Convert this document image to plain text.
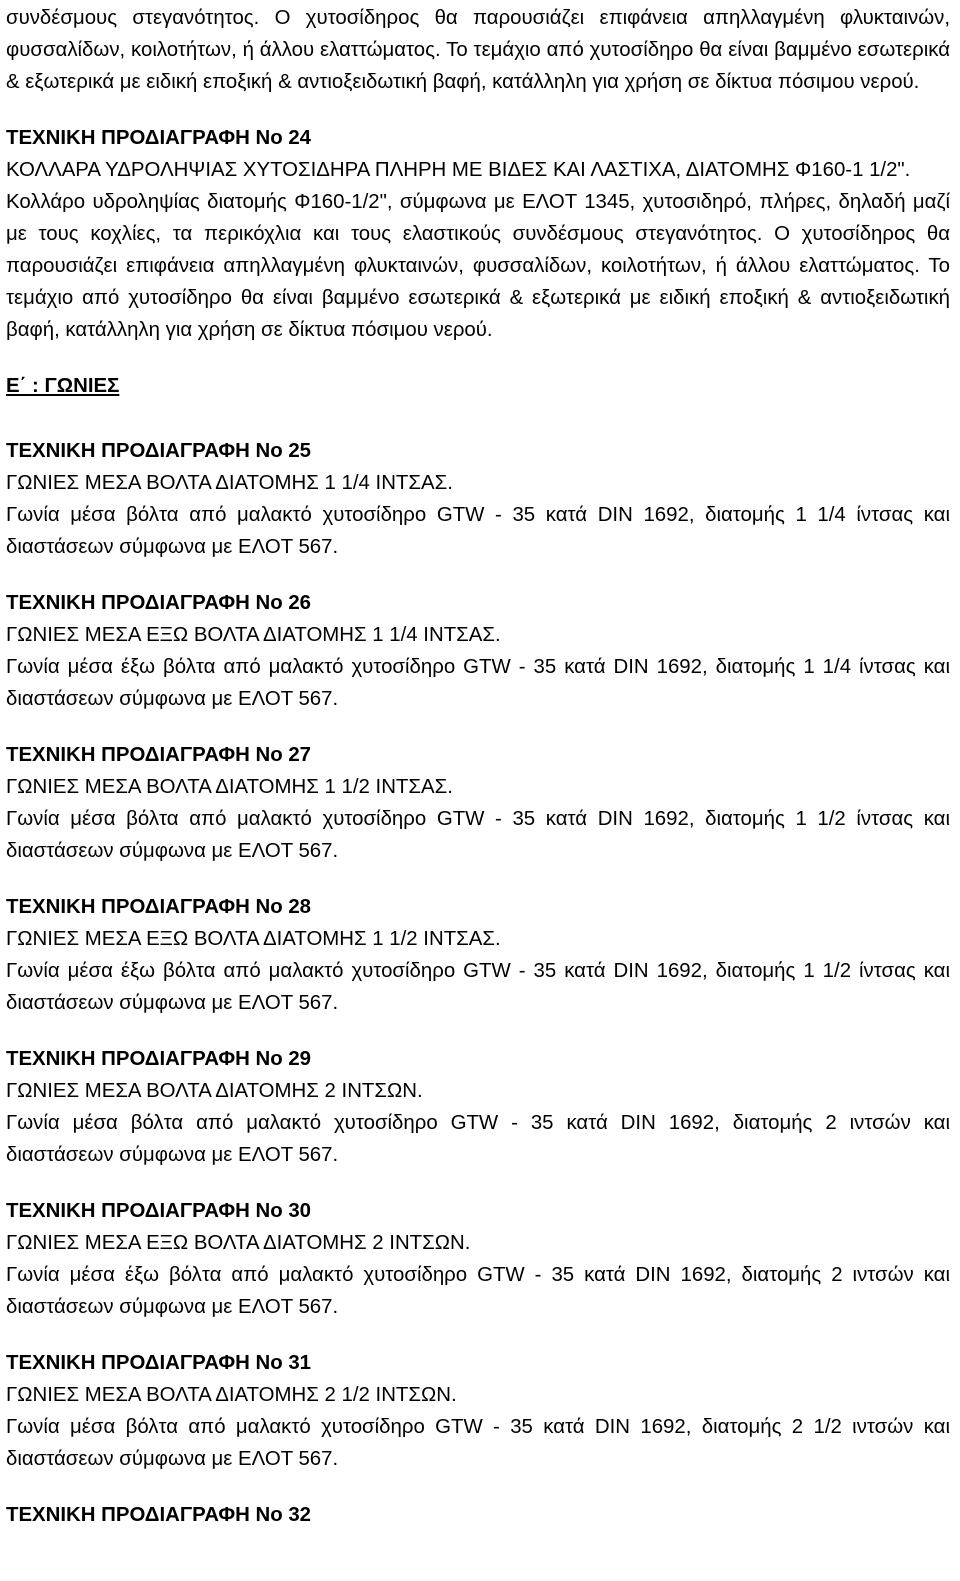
συνδέσμους στεγανότητος. Ο χυτοσίδηρος θα παρουσιάζει επιφάνεια απηλλαγμένη φλυκταινών, φυσσαλίδων, κοιλοτήτων, ή άλλου ελαττώματος. Το τεμάχιο από χυτοσίδηρο θα είναι βαμμένο εσωτερικά & εξωτερικά με ειδική εποξική & αντιοξειδωτική βαφή, κατάλληλη για χρήση σε δίκτυα πόσιμου νερού.

ΤΕΧΝΙΚΗ ΠΡΟΔΙΑΓΡΑΦΗ Νο 24

ΚΟΛΛΑΡΑ ΥΔΡΟΛΗΨΙΑΣ ΧΥΤΟΣΙΔΗΡΑ ΠΛΗΡΗ ΜΕ ΒΙΔΕΣ ΚΑΙ ΛΑΣΤΙΧΑ, ΔΙΑΤΟΜΗΣ Φ160-1 1/2".

Κολλάρο υδροληψίας διατομής Φ160-1/2", σύμφωνα με ΕΛΟΤ 1345, χυτοσιδηρό, πλήρες, δηλαδή μαζί με τους κοχλίες, τα περικόχλια και τους ελαστικούς συνδέσμους στεγανότητος. Ο χυτοσίδηρος θα παρουσιάζει επιφάνεια απηλλαγμένη φλυκταινών, φυσσαλίδων, κοιλοτήτων, ή άλλου ελαττώματος. Το τεμάχιο από χυτοσίδηρο θα είναι βαμμένο εσωτερικά & εξωτερικά με ειδική εποξική & αντιοξειδωτική βαφή, κατάλληλη για χρήση σε δίκτυα πόσιμου νερού.

Ε΄ : ΓΩΝΙΕΣ

ΤΕΧΝΙΚΗ ΠΡΟΔΙΑΓΡΑΦΗ Νο 25

ΓΩΝΙΕΣ ΜΕΣΑ ΒΟΛΤΑ ΔΙΑΤΟΜΗΣ 1 1/4 ΙΝΤΣΑΣ.

Γωνία μέσα βόλτα από μαλακτό χυτοσίδηρο GTW - 35 κατά DIN 1692, διατομής 1 1/4 ίντσας και διαστάσεων σύμφωνα με ΕΛΟΤ 567.

ΤΕΧΝΙΚΗ ΠΡΟΔΙΑΓΡΑΦΗ Νο 26

ΓΩΝΙΕΣ ΜΕΣΑ ΕΞΩ ΒΟΛΤΑ ΔΙΑΤΟΜΗΣ 1 1/4 ΙΝΤΣΑΣ.

Γωνία μέσα έξω βόλτα από μαλακτό χυτοσίδηρο GTW - 35 κατά DIN 1692, διατομής 1 1/4 ίντσας και διαστάσεων σύμφωνα με ΕΛΟΤ 567.

ΤΕΧΝΙΚΗ ΠΡΟΔΙΑΓΡΑΦΗ Νο 27

ΓΩΝΙΕΣ ΜΕΣΑ ΒΟΛΤΑ ΔΙΑΤΟΜΗΣ 1 1/2 ΙΝΤΣΑΣ.

Γωνία μέσα βόλτα από μαλακτό χυτοσίδηρο GTW - 35 κατά DIN 1692, διατομής 1 1/2 ίντσας και διαστάσεων σύμφωνα με ΕΛΟΤ 567.

ΤΕΧΝΙΚΗ ΠΡΟΔΙΑΓΡΑΦΗ Νο 28

ΓΩΝΙΕΣ ΜΕΣΑ ΕΞΩ ΒΟΛΤΑ ΔΙΑΤΟΜΗΣ 1 1/2 ΙΝΤΣΑΣ.

Γωνία μέσα έξω βόλτα από μαλακτό χυτοσίδηρο GTW - 35 κατά DIN 1692, διατομής 1 1/2 ίντσας και διαστάσεων σύμφωνα με ΕΛΟΤ 567.

ΤΕΧΝΙΚΗ ΠΡΟΔΙΑΓΡΑΦΗ Νο 29

ΓΩΝΙΕΣ ΜΕΣΑ ΒΟΛΤΑ ΔΙΑΤΟΜΗΣ 2 ΙΝΤΣΩΝ.

Γωνία μέσα βόλτα από μαλακτό χυτοσίδηρο GTW - 35 κατά DIN 1692, διατομής 2 ιντσών και διαστάσεων σύμφωνα με ΕΛΟΤ 567.

ΤΕΧΝΙΚΗ ΠΡΟΔΙΑΓΡΑΦΗ Νο 30

ΓΩΝΙΕΣ ΜΕΣΑ ΕΞΩ ΒΟΛΤΑ ΔΙΑΤΟΜΗΣ 2 ΙΝΤΣΩΝ.

Γωνία μέσα έξω βόλτα από μαλακτό χυτοσίδηρο GTW - 35 κατά DIN 1692, διατομής 2 ιντσών και διαστάσεων σύμφωνα με ΕΛΟΤ 567.

ΤΕΧΝΙΚΗ ΠΡΟΔΙΑΓΡΑΦΗ Νο 31

ΓΩΝΙΕΣ ΜΕΣΑ ΒΟΛΤΑ ΔΙΑΤΟΜΗΣ 2 1/2 ΙΝΤΣΩΝ.

Γωνία μέσα βόλτα από μαλακτό χυτοσίδηρο GTW - 35 κατά DIN 1692, διατομής 2 1/2 ιντσών και διαστάσεων σύμφωνα με ΕΛΟΤ 567.

ΤΕΧΝΙΚΗ ΠΡΟΔΙΑΓΡΑΦΗ Νο 32
